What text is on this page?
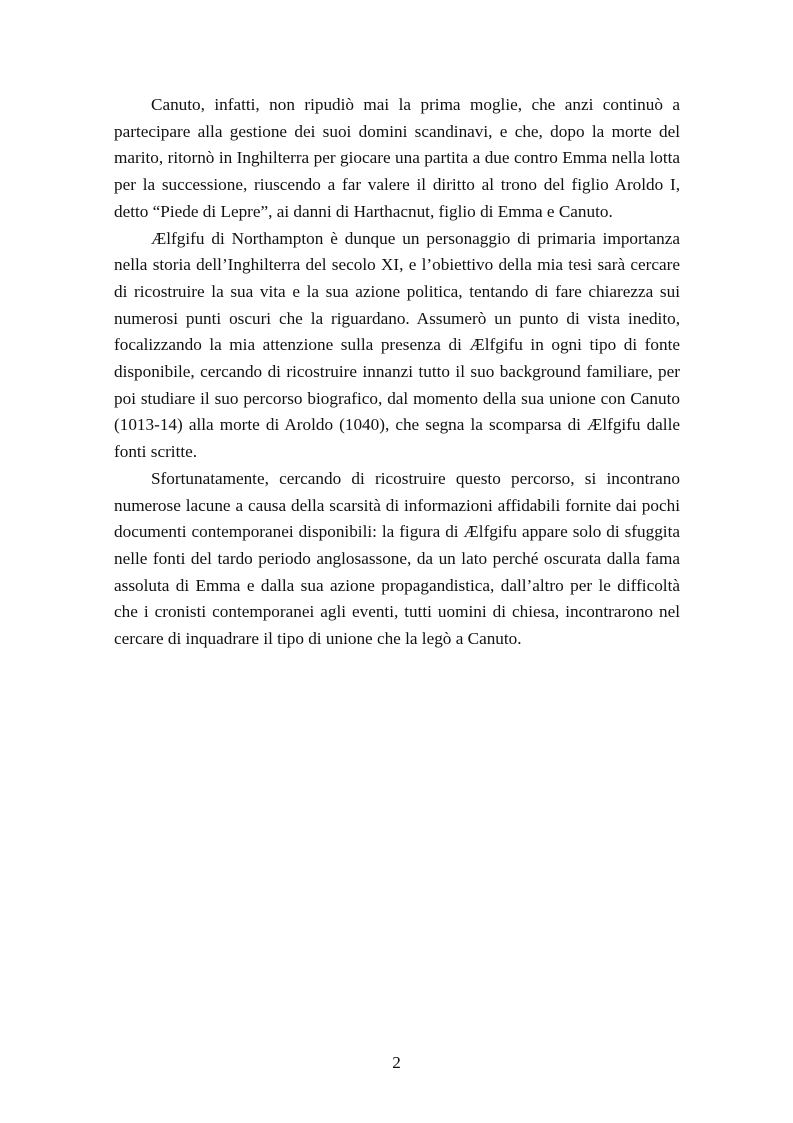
Canuto, infatti, non ripudiò mai la prima moglie, che anzi continuò a partecipare alla gestione dei suoi domini scandinavi, e che, dopo la morte del marito, ritornò in Inghilterra per giocare una partita a due contro Emma nella lotta per la successione, riuscendo a far valere il diritto al trono del figlio Aroldo I, detto “Piede di Lepre”, ai danni di Harthacnut, figlio di Emma e Canuto.

Ælfgifu di Northampton è dunque un personaggio di primaria importanza nella storia dell’Inghilterra del secolo XI, e l’obiettivo della mia tesi sarà cercare di ricostruire la sua vita e la sua azione politica, tentando di fare chiarezza sui numerosi punti oscuri che la riguardano. Assumerò un punto di vista inedito, focalizzando la mia attenzione sulla presenza di Ælfgifu in ogni tipo di fonte disponibile, cercando di ricostruire innanzi tutto il suo background familiare, per poi studiare il suo percorso biografico, dal momento della sua unione con Canuto (1013-14) alla morte di Aroldo (1040), che segna la scomparsa di Ælfgifu dalle fonti scritte.

Sfortunatamente, cercando di ricostruire questo percorso, si incontrano numerose lacune a causa della scarsità di informazioni affidabili fornite dai pochi documenti contemporanei disponibili: la figura di Ælfgifu appare solo di sfuggita nelle fonti del tardo periodo anglosassone, da un lato perché oscurata dalla fama assoluta di Emma e dalla sua azione propagandistica, dall’altro per le difficoltà che i cronisti contemporanei agli eventi, tutti uomini di chiesa, incontrarono nel cercare di inquadrare il tipo di unione che la legò a Canuto.

2
